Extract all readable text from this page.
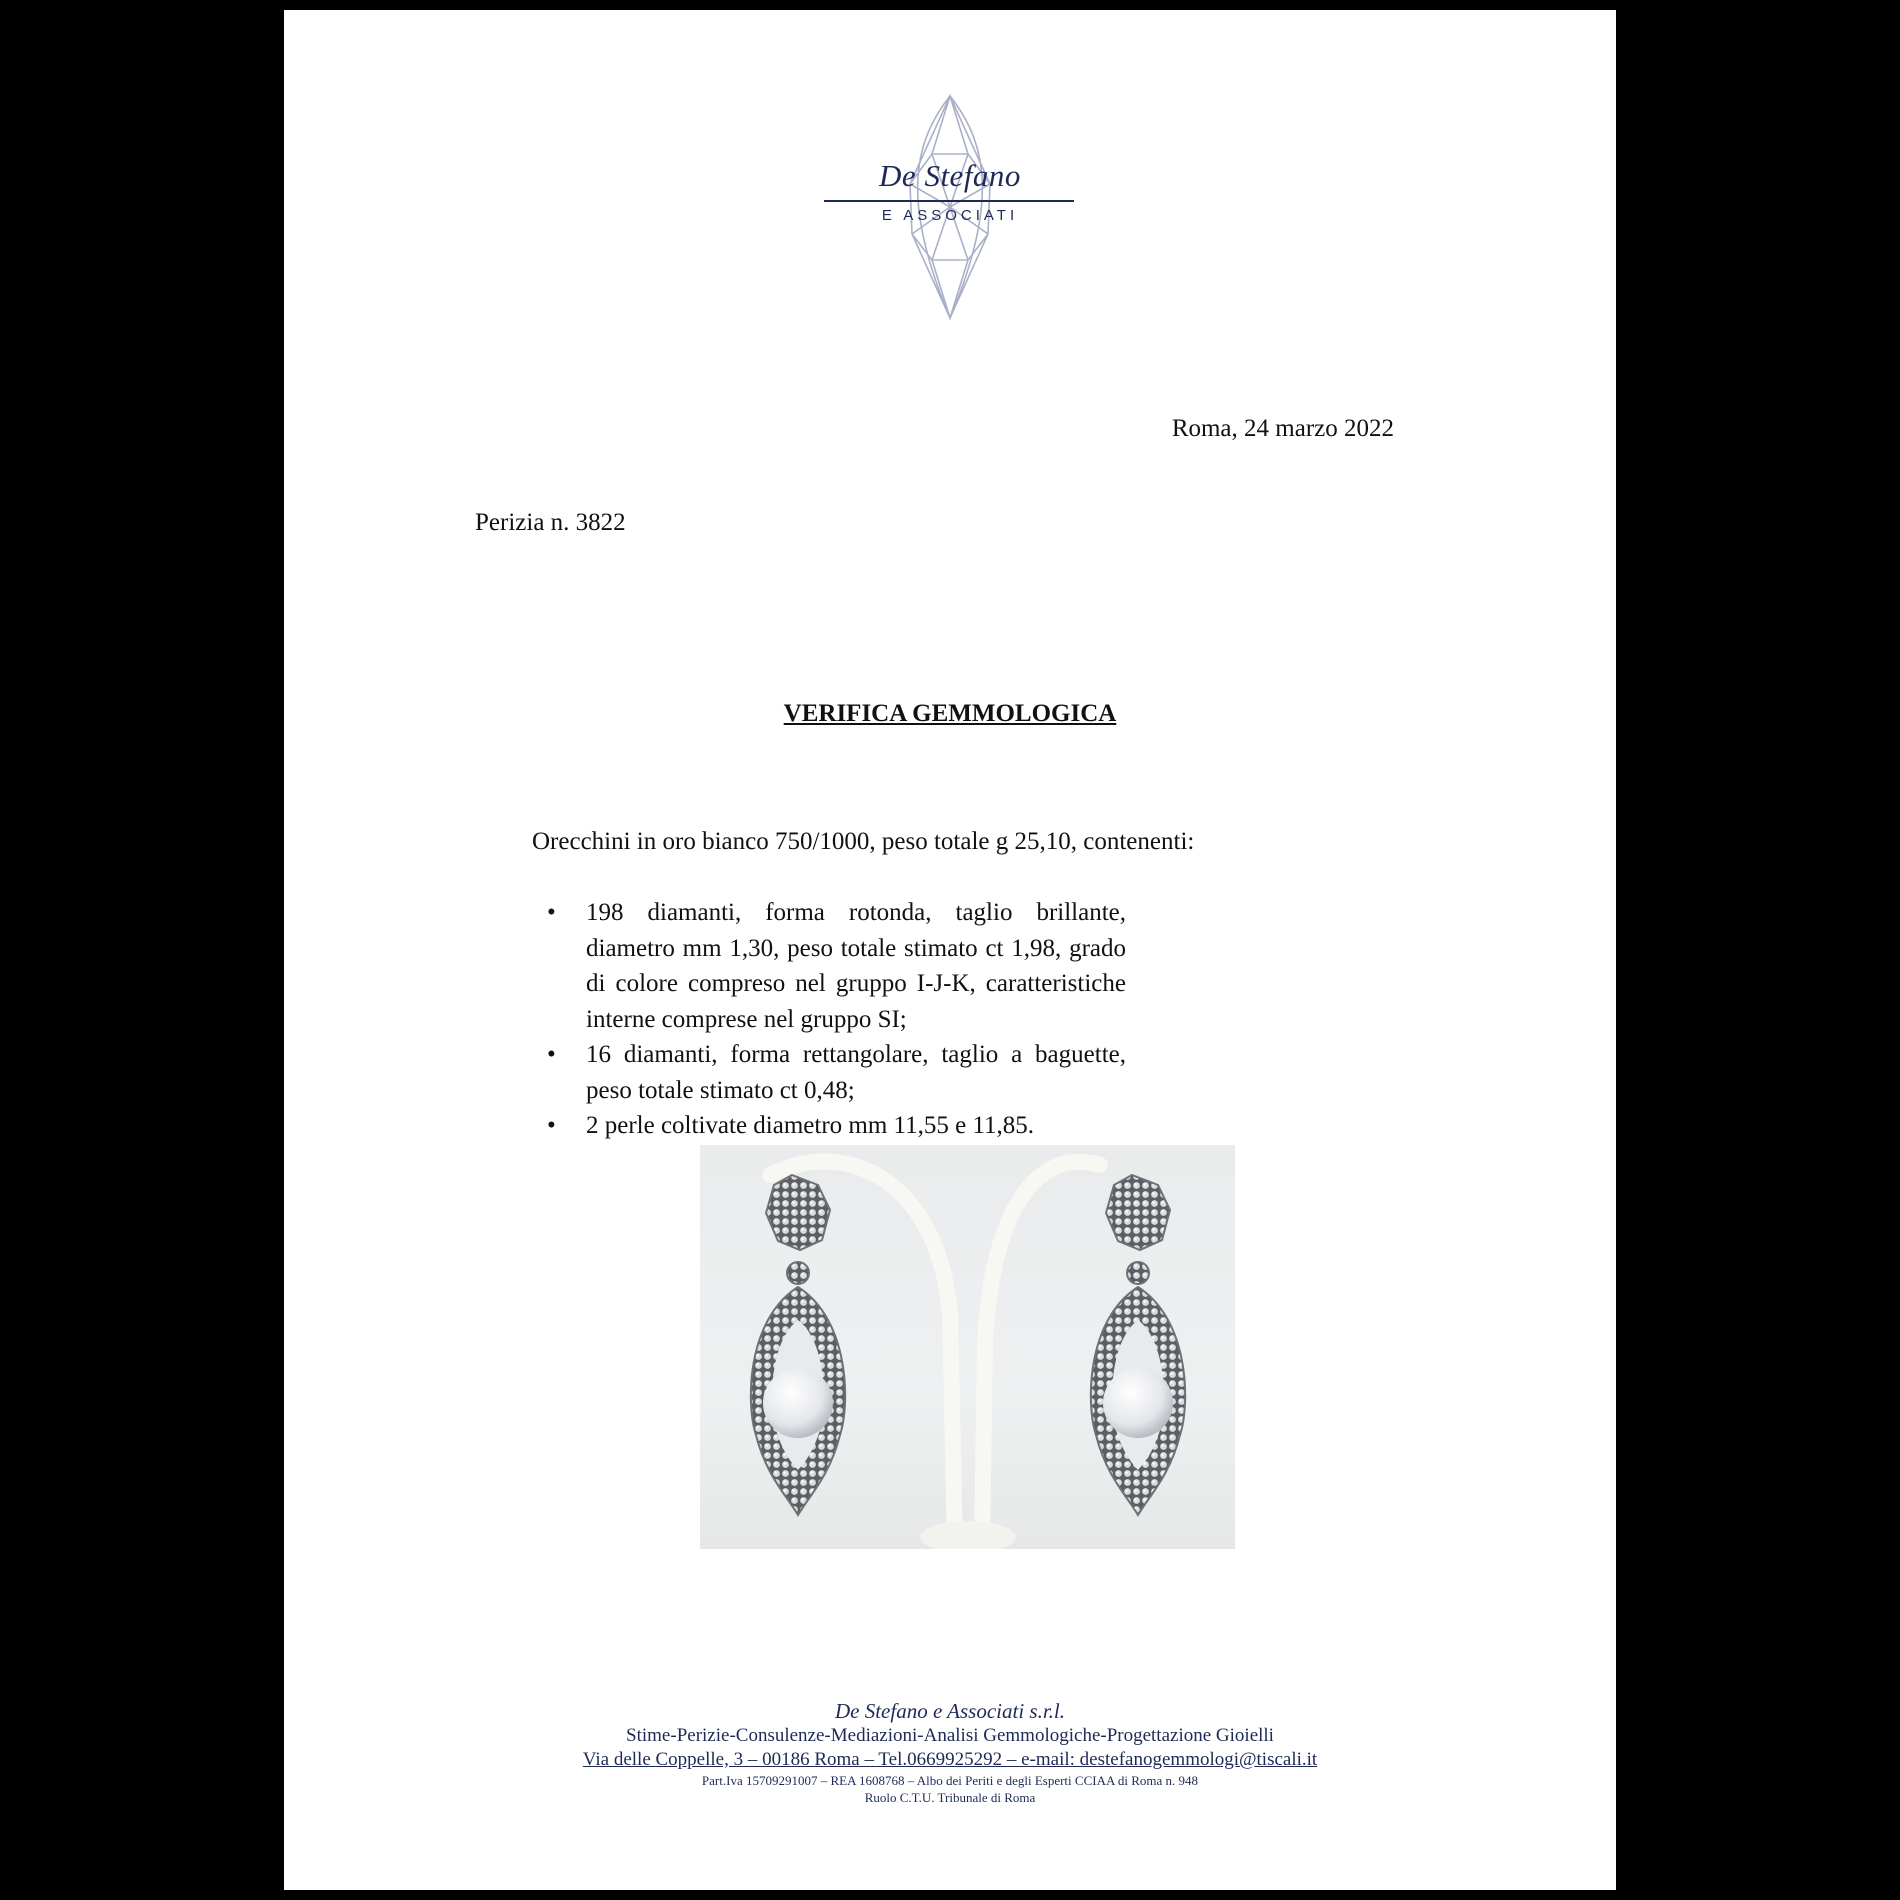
De Stefano
E ASSOCIATI
Roma, 24 marzo 2022
Perizia n. 3822
VERIFICA GEMMOLOGICA
Orecchini in oro bianco 750/1000, peso totale g 25,10, contenenti:
• 198 diamanti, forma rotonda, taglio brillante, diametro mm 1,30, peso totale stimato ct 1,98, grado di colore compreso nel gruppo I-J-K, caratteristiche interne comprese nel gruppo SI;
• 16 diamanti, forma rettangolare, taglio a baguette, peso totale stimato ct 0,48;
• 2 perle coltivate diametro mm 11,55 e 11,85.
De Stefano e Associati s.r.l.
Stime-Perizie-Consulenze-Mediazioni-Analisi Gemmologiche-Progettazione Gioielli
Via delle Coppelle, 3 – 00186 Roma – Tel.0669925292 – e-mail: destefanogemmologi@tiscali.it
Part.Iva 15709291007 – REA 1608768 – Albo dei Periti e degli Esperti CCIAA di Roma n. 948
Ruolo C.T.U. Tribunale di Roma
